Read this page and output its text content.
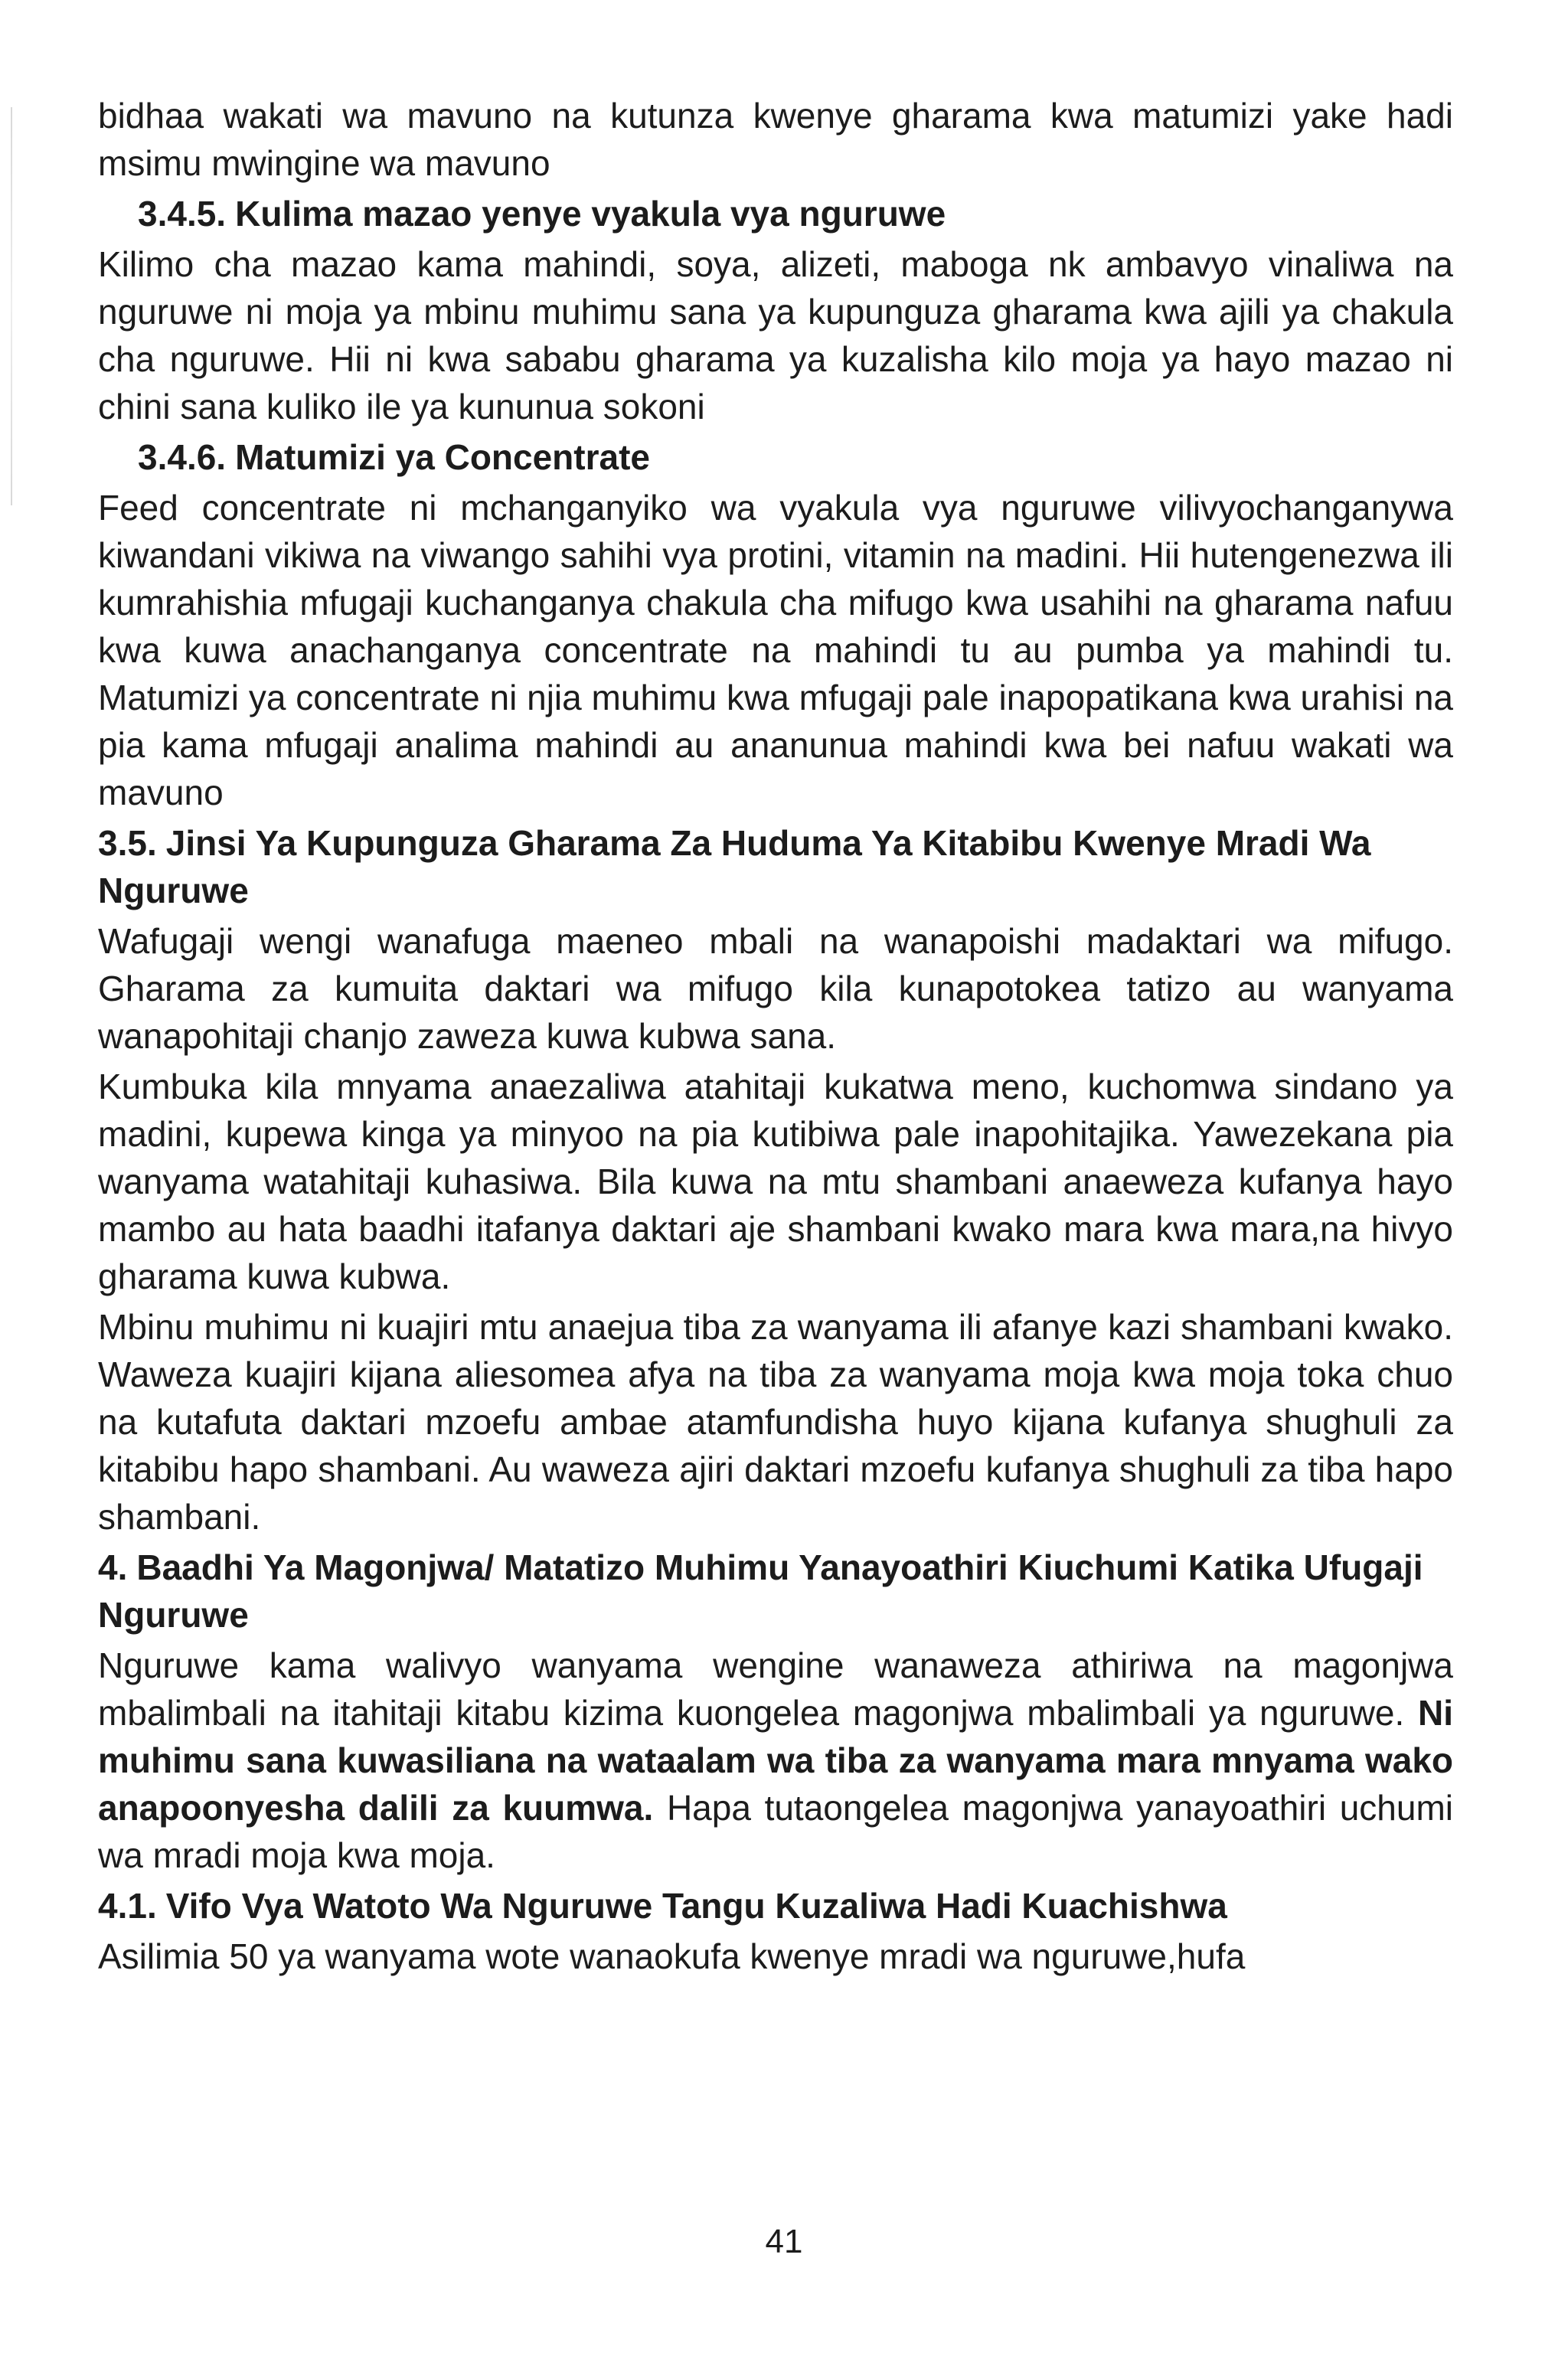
bidhaa wakati wa mavuno na kutunza kwenye gharama kwa matumizi yake hadi msimu mwingine wa mavuno

3.4.5. Kulima mazao yenye vyakula vya nguruwe

Kilimo cha mazao kama mahindi, soya, alizeti, maboga nk ambavyo vinaliwa na nguruwe ni moja ya mbinu muhimu sana ya kupunguza gharama kwa ajili ya chakula cha nguruwe. Hii ni kwa sababu gharama ya kuzalisha kilo moja ya hayo mazao ni chini sana kuliko ile ya kununua sokoni

3.4.6. Matumizi ya Concentrate

Feed concentrate ni mchanganyiko wa vyakula vya nguruwe vilivyochanganywa kiwandani vikiwa na viwango sahihi vya protini, vitamin na madini. Hii hutengenezwa ili kumrahishia mfugaji kuchanganya chakula cha mifugo kwa usahihi na gharama nafuu kwa kuwa anachanganya concentrate na mahindi tu au pumba ya mahindi tu. Matumizi ya concentrate ni njia muhimu kwa mfugaji pale inapopatikana kwa urahisi na pia kama mfugaji analima mahindi au ananunua mahindi kwa bei nafuu wakati wa mavuno

3.5. Jinsi Ya Kupunguza Gharama Za Huduma Ya Kitabibu Kwenye Mradi Wa Nguruwe

Wafugaji wengi wanafuga maeneo mbali na wanapoishi madaktari wa mifugo. Gharama za kumuita daktari wa mifugo kila kunapotokea tatizo au wanyama wanapohitaji chanjo zaweza kuwa kubwa sana.

Kumbuka kila mnyama anaezaliwa atahitaji kukatwa meno, kuchomwa sindano ya madini, kupewa kinga ya minyoo na pia kutibiwa pale inapohitajika. Yawezekana pia wanyama watahitaji kuhasiwa. Bila kuwa na mtu shambani anaeweza kufanya hayo mambo au hata baadhi itafanya daktari aje shambani kwako mara kwa mara,na hivyo gharama kuwa kubwa.

Mbinu muhimu ni kuajiri mtu anaejua tiba za wanyama ili afanye kazi shambani kwako. Waweza kuajiri kijana aliesomea afya na tiba za wanyama moja kwa moja toka chuo na kutafuta daktari mzoefu ambae atamfundisha huyo kijana kufanya shughuli za kitabibu hapo shambani. Au waweza ajiri daktari mzoefu kufanya shughuli za tiba hapo shambani.

4. Baadhi Ya Magonjwa/ Matatizo Muhimu Yanayoathiri Kiuchumi Katika Ufugaji Nguruwe

Nguruwe kama walivyo wanyama wengine wanaweza athiriwa na magonjwa mbalimbali na itahitaji kitabu kizima kuongelea magonjwa mbalimbali ya nguruwe. Ni muhimu sana kuwasiliana na wataalam wa tiba za wanyama mara mnyama wako anapoonyesha dalili za kuumwa. Hapa tutaongelea magonjwa yanayoathiri uchumi wa mradi moja kwa moja.

4.1. Vifo Vya Watoto Wa Nguruwe Tangu Kuzaliwa Hadi Kuachishwa

Asilimia 50 ya wanyama wote wanaokufa kwenye mradi wa nguruwe,hufa

41
